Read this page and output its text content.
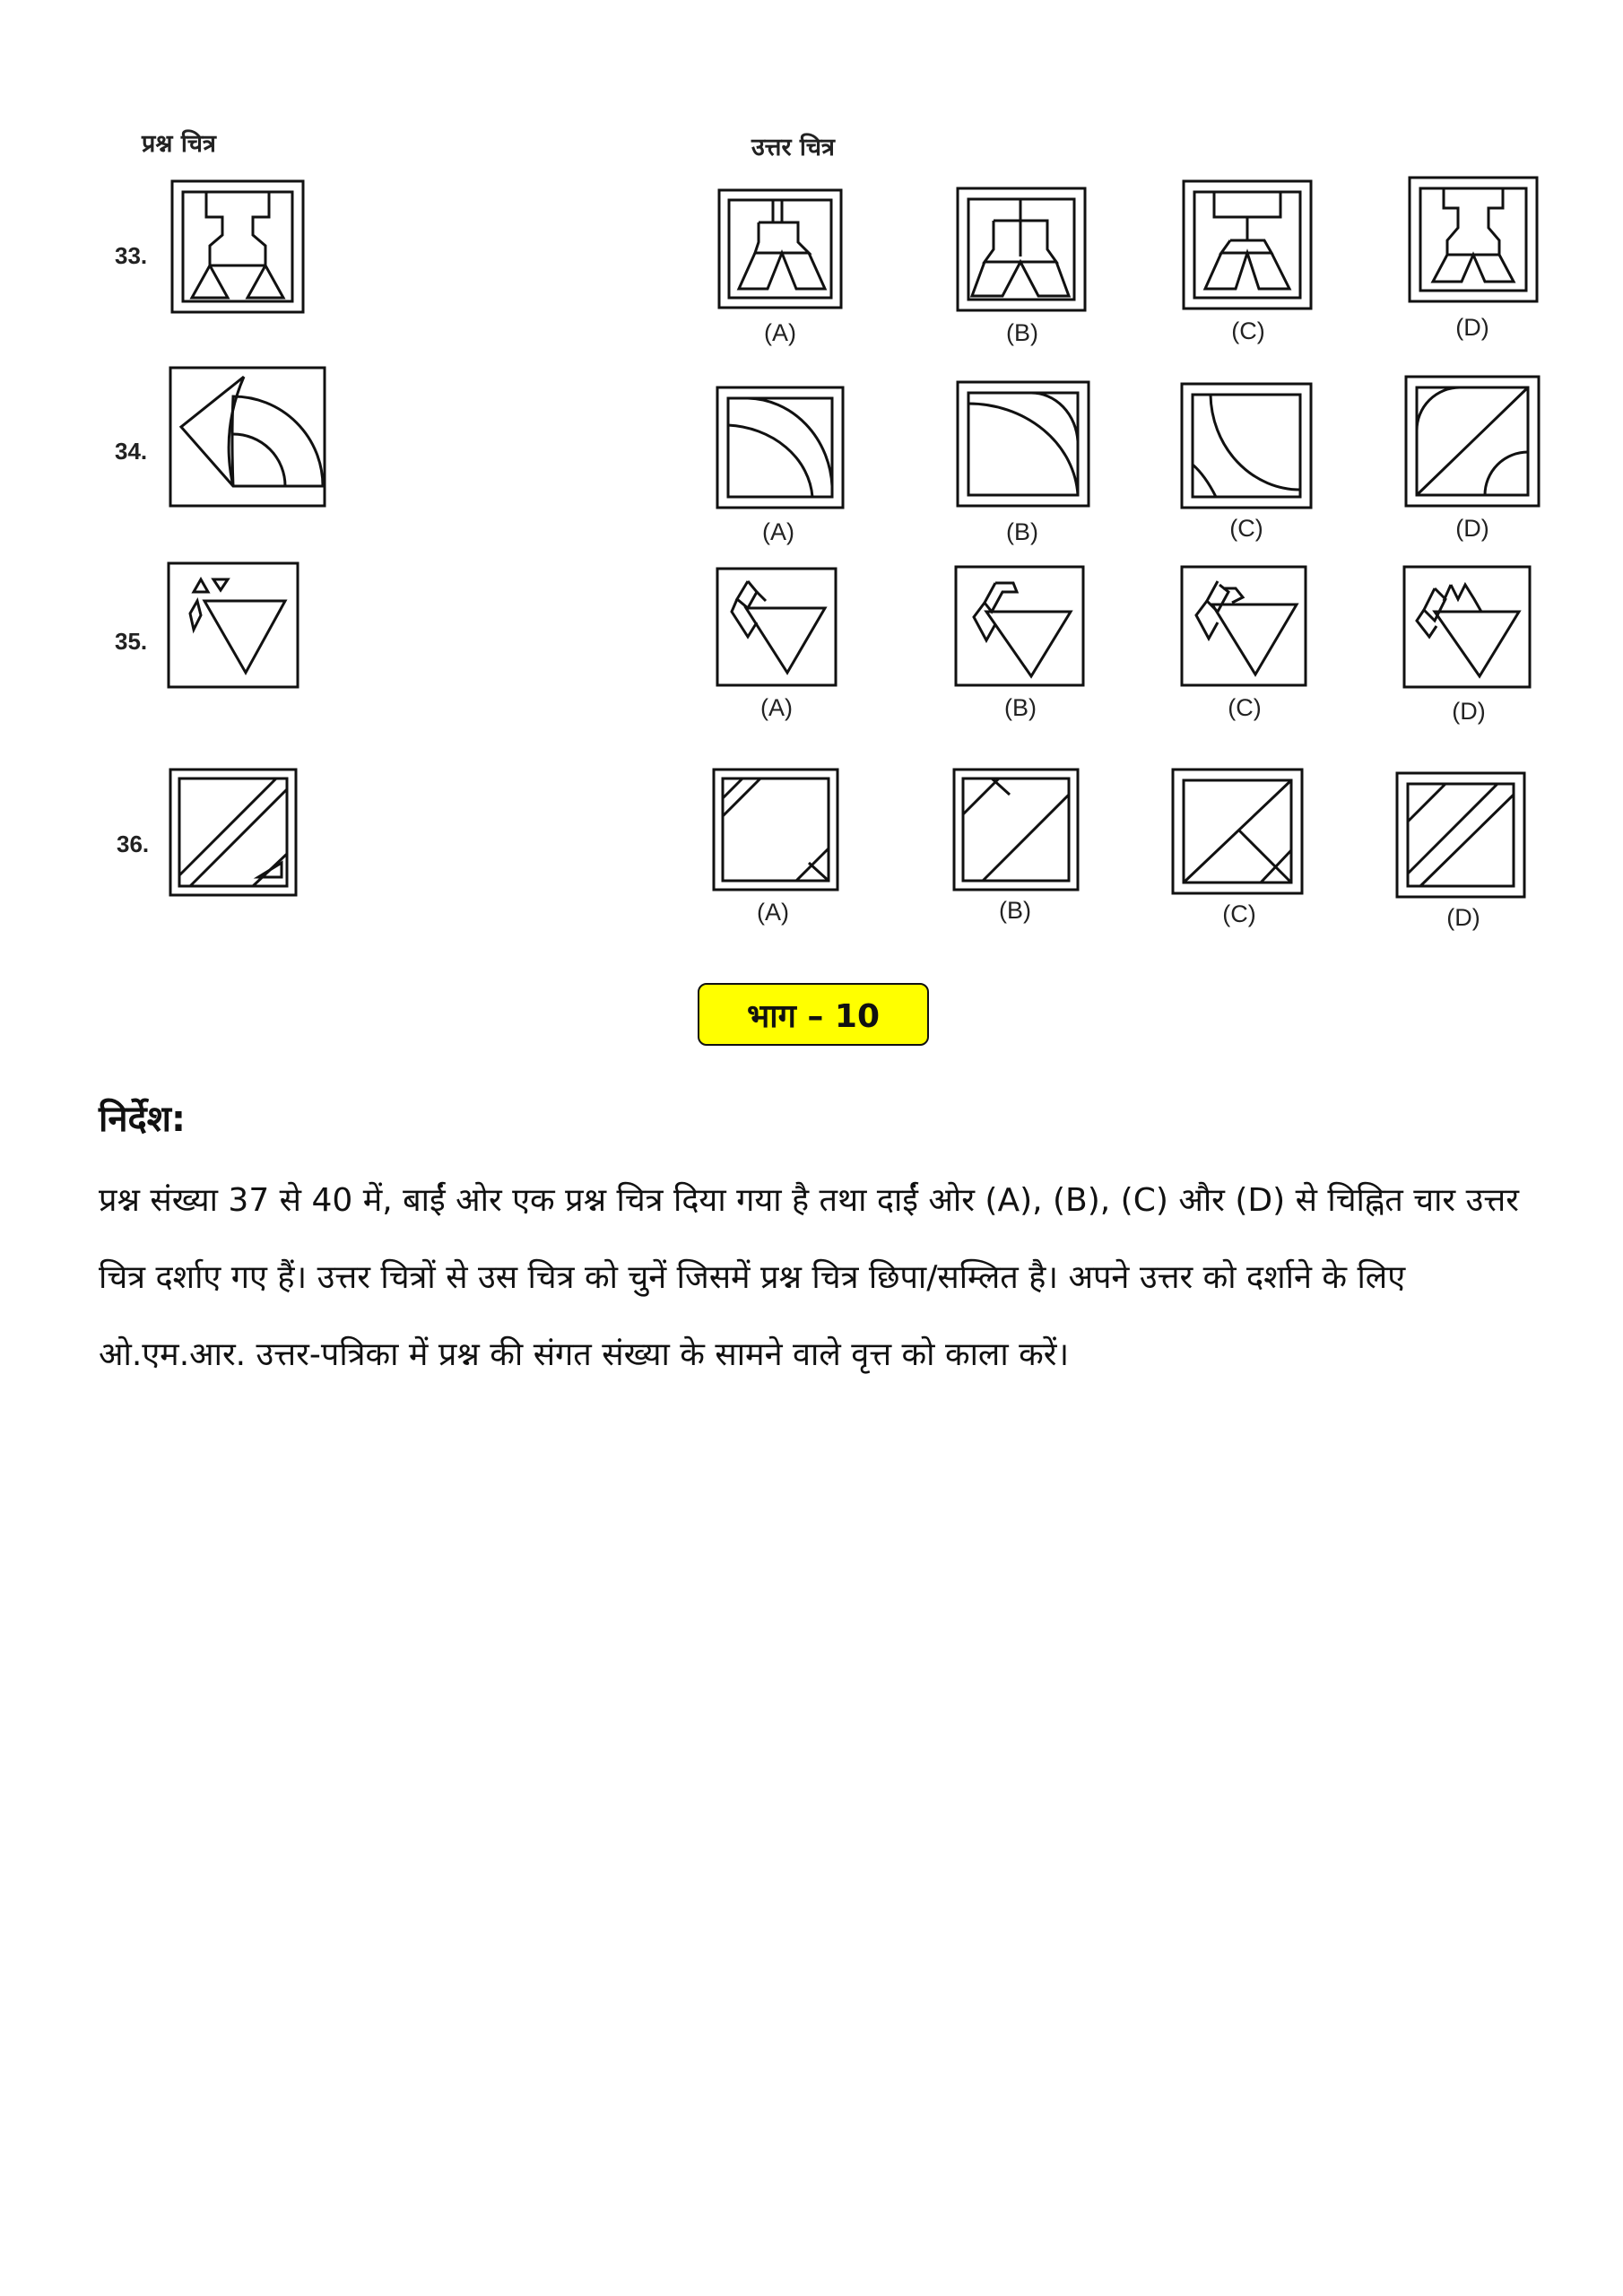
प्रश्न चित्र	उत्तर चित्र
33.
(A)	(B)	(C)	(D)
34.
(A)	(B)	(C)	(D)
35.
(A)	(B)	(C)	(D)
36.
(A)	(B)	(C)	(D)
भाग – 10
निर्देश:
प्रश्न संख्या 37 से 40 में, बाईं ओर एक प्रश्न चित्र दिया गया है तथा दाईं ओर (A), (B), (C) और (D) से चिह्नित चार उत्तर चित्र दर्शाए गए हैं। उत्तर चित्रों से उस चित्र को चुनें जिसमें प्रश्न चित्र छिपा/सम्लित है। अपने उत्तर को दर्शाने के लिए ओ.एम.आर. उत्तर-पत्रिका में प्रश्न की संगत संख्या के सामने वाले वृत्त को काला करें।
